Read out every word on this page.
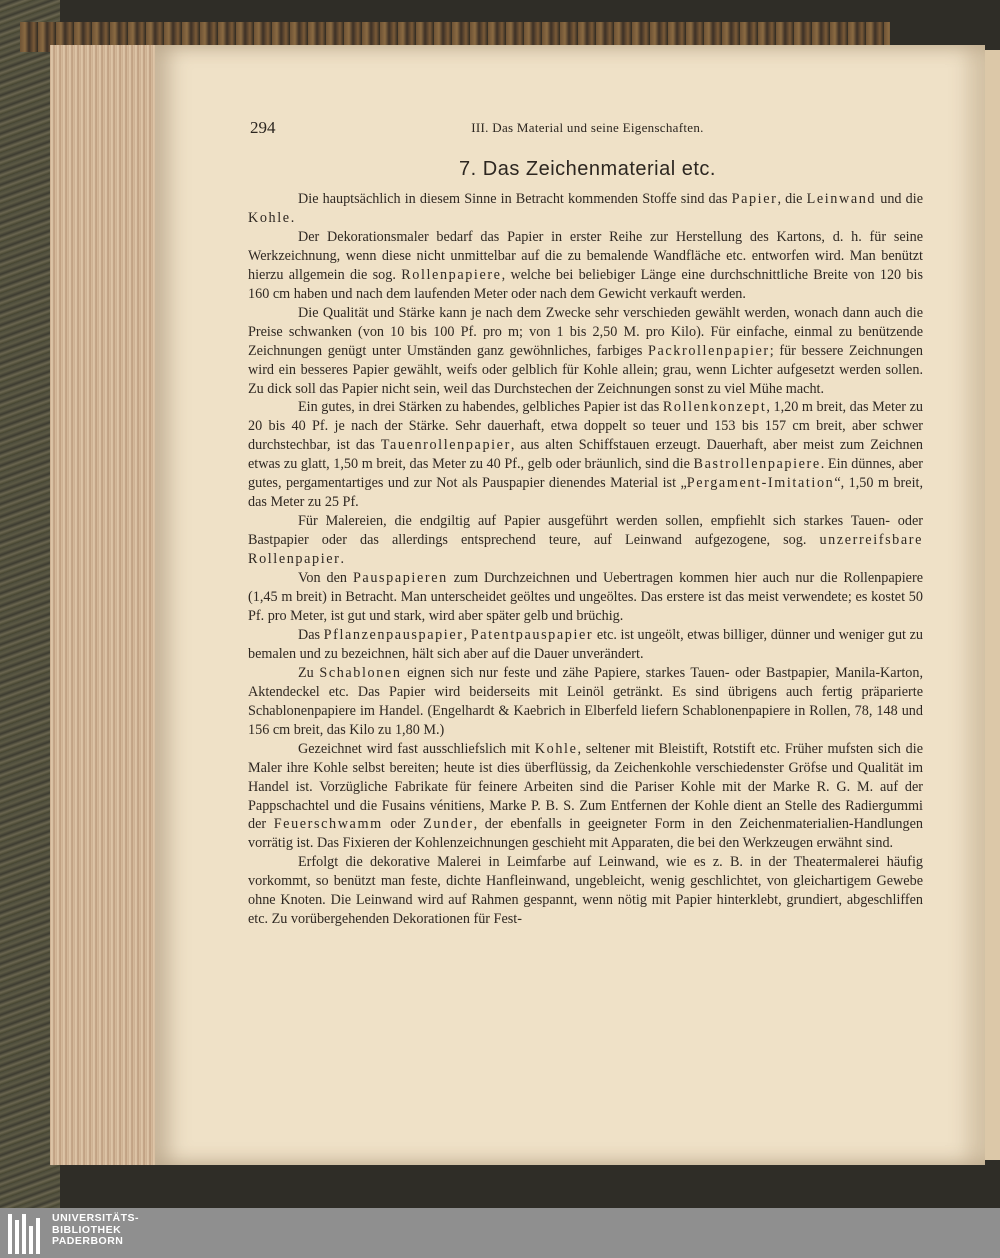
294	III. Das Material und seine Eigenschaften.
7. Das Zeichenmaterial etc.

Die hauptsächlich in diesem Sinne in Betracht kommenden Stoffe sind das Papier, die Leinwand und die Kohle.

Der Dekorationsmaler bedarf das Papier in erster Reihe zur Herstellung des Kartons, d. h. für seine Werkzeichnung, wenn diese nicht unmittelbar auf die zu bemalende Wandfläche etc. entworfen wird. Man benützt hierzu allgemein die sog. Rollenpapiere, welche bei beliebiger Länge eine durchschnittliche Breite von 120 bis 160 cm haben und nach dem laufenden Meter oder nach dem Gewicht verkauft werden.

Die Qualität und Stärke kann je nach dem Zwecke sehr verschieden gewählt werden, wonach dann auch die Preise schwanken (von 10 bis 100 Pf. pro m; von 1 bis 2,50 M. pro Kilo). Für einfache, einmal zu benützende Zeichnungen genügt unter Umständen ganz gewöhnliches, farbiges Packrollenpapier; für bessere Zeichnungen wird ein besseres Papier gewählt, weifs oder gelblich für Kohle allein; grau, wenn Lichter aufgesetzt werden sollen. Zu dick soll das Papier nicht sein, weil das Durchstechen der Zeichnungen sonst zu viel Mühe macht.

Ein gutes, in drei Stärken zu habendes, gelbliches Papier ist das Rollenkonzept, 1,20 m breit, das Meter zu 20 bis 40 Pf. je nach der Stärke. Sehr dauerhaft, etwa doppelt so teuer und 153 bis 157 cm breit, aber schwer durchstechbar, ist das Tauenrollenpapier, aus alten Schiffstauen erzeugt. Dauerhaft, aber meist zum Zeichnen etwas zu glatt, 1,50 m breit, das Meter zu 40 Pf., gelb oder bräunlich, sind die Bastrollenpapiere. Ein dünnes, aber gutes, pergamentartiges und zur Not als Pauspapier dienendes Material ist „Pergament-Imitation“, 1,50 m breit, das Meter zu 25 Pf.

Für Malereien, die endgiltig auf Papier ausgeführt werden sollen, empfiehlt sich starkes Tauen- oder Bastpapier oder das allerdings entsprechend teure, auf Leinwand aufgezogene, sog. unzerreifsbare Rollenpapier.

Von den Pauspapieren zum Durchzeichnen und Uebertragen kommen hier auch nur die Rollenpapiere (1,45 m breit) in Betracht. Man unterscheidet geöltes und ungeöltes. Das erstere ist das meist verwendete; es kostet 50 Pf. pro Meter, ist gut und stark, wird aber später gelb und brüchig.

Das Pflanzenpauspapier, Patentpauspapier etc. ist ungeölt, etwas billiger, dünner und weniger gut zu bemalen und zu bezeichnen, hält sich aber auf die Dauer unverändert.

Zu Schablonen eignen sich nur feste und zähe Papiere, starkes Tauen- oder Bastpapier, Manila-Karton, Aktendeckel etc. Das Papier wird beiderseits mit Leinöl getränkt. Es sind übrigens auch fertig präparierte Schablonenpapiere im Handel. (Engelhardt & Kaebrich in Elberfeld liefern Schablonenpapiere in Rollen, 78, 148 und 156 cm breit, das Kilo zu 1,80 M.)

Gezeichnet wird fast ausschliefslich mit Kohle, seltener mit Bleistift, Rotstift etc. Früher mufsten sich die Maler ihre Kohle selbst bereiten; heute ist dies überflüssig, da Zeichenkohle verschiedenster Gröfse und Qualität im Handel ist. Vorzügliche Fabrikate für feinere Arbeiten sind die Pariser Kohle mit der Marke R. G. M. auf der Pappschachtel und die Fusains vénitiens, Marke P. B. S. Zum Entfernen der Kohle dient an Stelle des Radiergummi der Feuerschwamm oder Zunder, der ebenfalls in geeigneter Form in den Zeichenmaterialien-Handlungen vorrätig ist. Das Fixieren der Kohlenzeichnungen geschieht mit Apparaten, die bei den Werkzeugen erwähnt sind.

Erfolgt die dekorative Malerei in Leimfarbe auf Leinwand, wie es z. B. in der Theatermalerei häufig vorkommt, so benützt man feste, dichte Hanfleinwand, ungebleicht, wenig geschlichtet, von gleichartigem Gewebe ohne Knoten. Die Leinwand wird auf Rahmen gespannt, wenn nötig mit Papier hinterklebt, grundiert, abgeschliffen etc. Zu vorübergehenden Dekorationen für Fest-

UNIVERSITÄTS-
BIBLIOTHEK
PADERBORN
